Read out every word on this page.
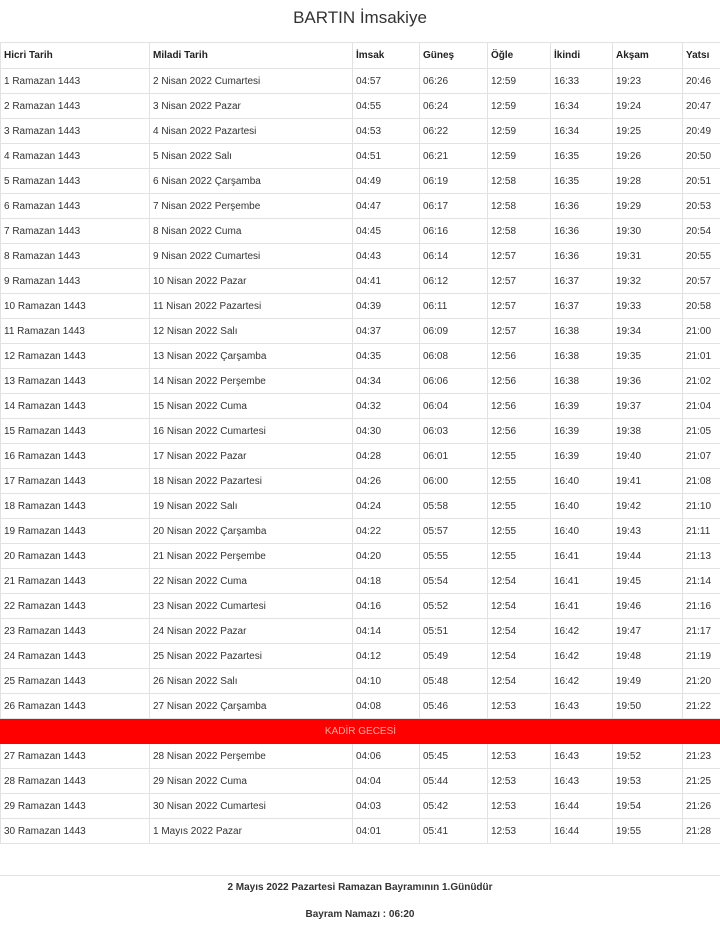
BARTIN İmsakiye
Hicri Tarih	Miladi Tarih	İmsak	Güneş	Öğle	İkindi	Akşam	Yatsı
1 Ramazan 1443	2 Nisan 2022 Cumartesi	04:57	06:26	12:59	16:33	19:23	20:46
2 Ramazan 1443	3 Nisan 2022 Pazar	04:55	06:24	12:59	16:34	19:24	20:47
3 Ramazan 1443	4 Nisan 2022 Pazartesi	04:53	06:22	12:59	16:34	19:25	20:49
4 Ramazan 1443	5 Nisan 2022 Salı	04:51	06:21	12:59	16:35	19:26	20:50
5 Ramazan 1443	6 Nisan 2022 Çarşamba	04:49	06:19	12:58	16:35	19:28	20:51
6 Ramazan 1443	7 Nisan 2022 Perşembe	04:47	06:17	12:58	16:36	19:29	20:53
7 Ramazan 1443	8 Nisan 2022 Cuma	04:45	06:16	12:58	16:36	19:30	20:54
8 Ramazan 1443	9 Nisan 2022 Cumartesi	04:43	06:14	12:57	16:36	19:31	20:55
9 Ramazan 1443	10 Nisan 2022 Pazar	04:41	06:12	12:57	16:37	19:32	20:57
10 Ramazan 1443	11 Nisan 2022 Pazartesi	04:39	06:11	12:57	16:37	19:33	20:58
11 Ramazan 1443	12 Nisan 2022 Salı	04:37	06:09	12:57	16:38	19:34	21:00
12 Ramazan 1443	13 Nisan 2022 Çarşamba	04:35	06:08	12:56	16:38	19:35	21:01
13 Ramazan 1443	14 Nisan 2022 Perşembe	04:34	06:06	12:56	16:38	19:36	21:02
14 Ramazan 1443	15 Nisan 2022 Cuma	04:32	06:04	12:56	16:39	19:37	21:04
15 Ramazan 1443	16 Nisan 2022 Cumartesi	04:30	06:03	12:56	16:39	19:38	21:05
16 Ramazan 1443	17 Nisan 2022 Pazar	04:28	06:01	12:55	16:39	19:40	21:07
17 Ramazan 1443	18 Nisan 2022 Pazartesi	04:26	06:00	12:55	16:40	19:41	21:08
18 Ramazan 1443	19 Nisan 2022 Salı	04:24	05:58	12:55	16:40	19:42	21:10
19 Ramazan 1443	20 Nisan 2022 Çarşamba	04:22	05:57	12:55	16:40	19:43	21:11
20 Ramazan 1443	21 Nisan 2022 Perşembe	04:20	05:55	12:55	16:41	19:44	21:13
21 Ramazan 1443	22 Nisan 2022 Cuma	04:18	05:54	12:54	16:41	19:45	21:14
22 Ramazan 1443	23 Nisan 2022 Cumartesi	04:16	05:52	12:54	16:41	19:46	21:16
23 Ramazan 1443	24 Nisan 2022 Pazar	04:14	05:51	12:54	16:42	19:47	21:17
24 Ramazan 1443	25 Nisan 2022 Pazartesi	04:12	05:49	12:54	16:42	19:48	21:19
25 Ramazan 1443	26 Nisan 2022 Salı	04:10	05:48	12:54	16:42	19:49	21:20
26 Ramazan 1443	27 Nisan 2022 Çarşamba	04:08	05:46	12:53	16:43	19:50	21:22
KADİR GECESİ							
27 Ramazan 1443	28 Nisan 2022 Perşembe	04:06	05:45	12:53	16:43	19:52	21:23
28 Ramazan 1443	29 Nisan 2022 Cuma	04:04	05:44	12:53	16:43	19:53	21:25
29 Ramazan 1443	30 Nisan 2022 Cumartesi	04:03	05:42	12:53	16:44	19:54	21:26
30 Ramazan 1443	1 Mayıs 2022 Pazar	04:01	05:41	12:53	16:44	19:55	21:28
2 Mayıs 2022 Pazartesi Ramazan Bayramının 1.Günüdür
Bayram Namazı : 06:20
